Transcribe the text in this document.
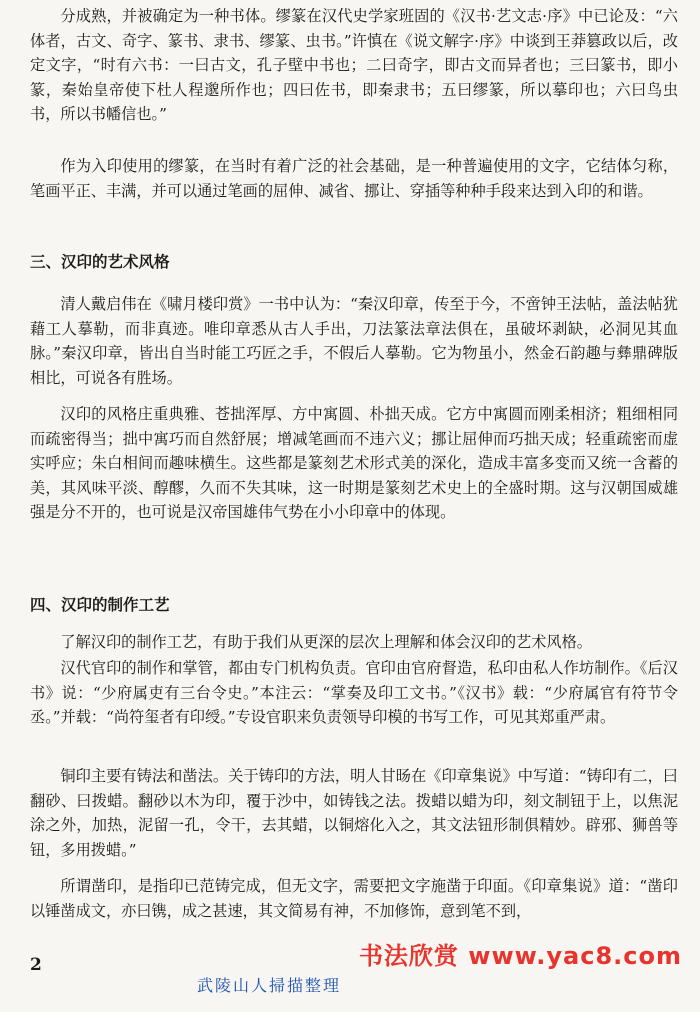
分成熟，并被确定为一种书体。缪篆在汉代史学家班固的《汉书·艺文志·序》中已论及：“六体者，古文、奇字、篆书、隶书、缪篆、虫书。”许慎在《说文解字·序》中谈到王莽篡政以后，改定文字，“时有六书：一曰古文，孔子壁中书也；二曰奇字，即古文而异者也；三曰篆书，即小篆，秦始皇帝使下杜人程邈所作也；四曰佐书，即秦隶书；五曰缪篆，所以摹印也；六曰鸟虫书，所以书幡信也。”

作为入印使用的缪篆，在当时有着广泛的社会基础，是一种普遍使用的文字，它结体匀称，笔画平正、丰满，并可以通过笔画的屈伸、减省、挪让、穿插等种种手段来达到入印的和谐。

三、汉印的艺术风格

清人戴启伟在《啸月楼印赏》一书中认为：“秦汉印章，传至于今，不啻钟王法帖，盖法帖犹藉工人摹勒，而非真迹。唯印章悉从古人手出，刀法篆法章法俱在，虽破坏剥缺，必洞见其血脉。”秦汉印章，皆出自当时能工巧匠之手，不假后人摹勒。它为物虽小，然金石韵趣与彝鼎碑版相比，可说各有胜场。

汉印的风格庄重典雅、苍拙浑厚、方中寓圆、朴拙天成。它方中寓圆而刚柔相济；粗细相同而疏密得当；拙中寓巧而自然舒展；增减笔画而不违六义；挪让屈伸而巧拙天成；轻重疏密而虚实呼应；朱白相间而趣味横生。这些都是篆刻艺术形式美的深化，造成丰富多变而又统一含蓄的美，其风味平淡、醇醪，久而不失其味，这一时期是篆刻艺术史上的全盛时期。这与汉朝国威雄强是分不开的，也可说是汉帝国雄伟气势在小小印章中的体现。

四、汉印的制作工艺

了解汉印的制作工艺，有助于我们从更深的层次上理解和体会汉印的艺术风格。

汉代官印的制作和掌管，都由专门机构负责。官印由官府督造，私印由私人作坊制作。《后汉书》说：“少府属吏有三台令史。”本注云：“掌奏及印工文书。”《汉书》载：“少府属官有符节令丞。”并载：“尚符玺者有印绶。”专设官职来负责领导印模的书写工作，可见其郑重严肃。

铜印主要有铸法和凿法。关于铸印的方法，明人甘旸在《印章集说》中写道：“铸印有二，曰翻砂、曰拨蜡。翻砂以木为印，覆于沙中，如铸钱之法。拨蜡以蜡为印，刻文制钮于上，以焦泥涂之外，加热，泥留一孔，令干，去其蜡，以铜熔化入之，其文法钮形制俱精妙。辟邪、狮兽等钮，多用拨蜡。”

所谓凿印，是指印已范铸完成，但无文字，需要把文字施凿于印面。《印章集说》道：“凿印以锤凿成文，亦曰镌，成之甚速，其文简易有神，不加修饰，意到笔不到，

2	书法欣赏 www.yac8.com
武陵山人掃描整理
